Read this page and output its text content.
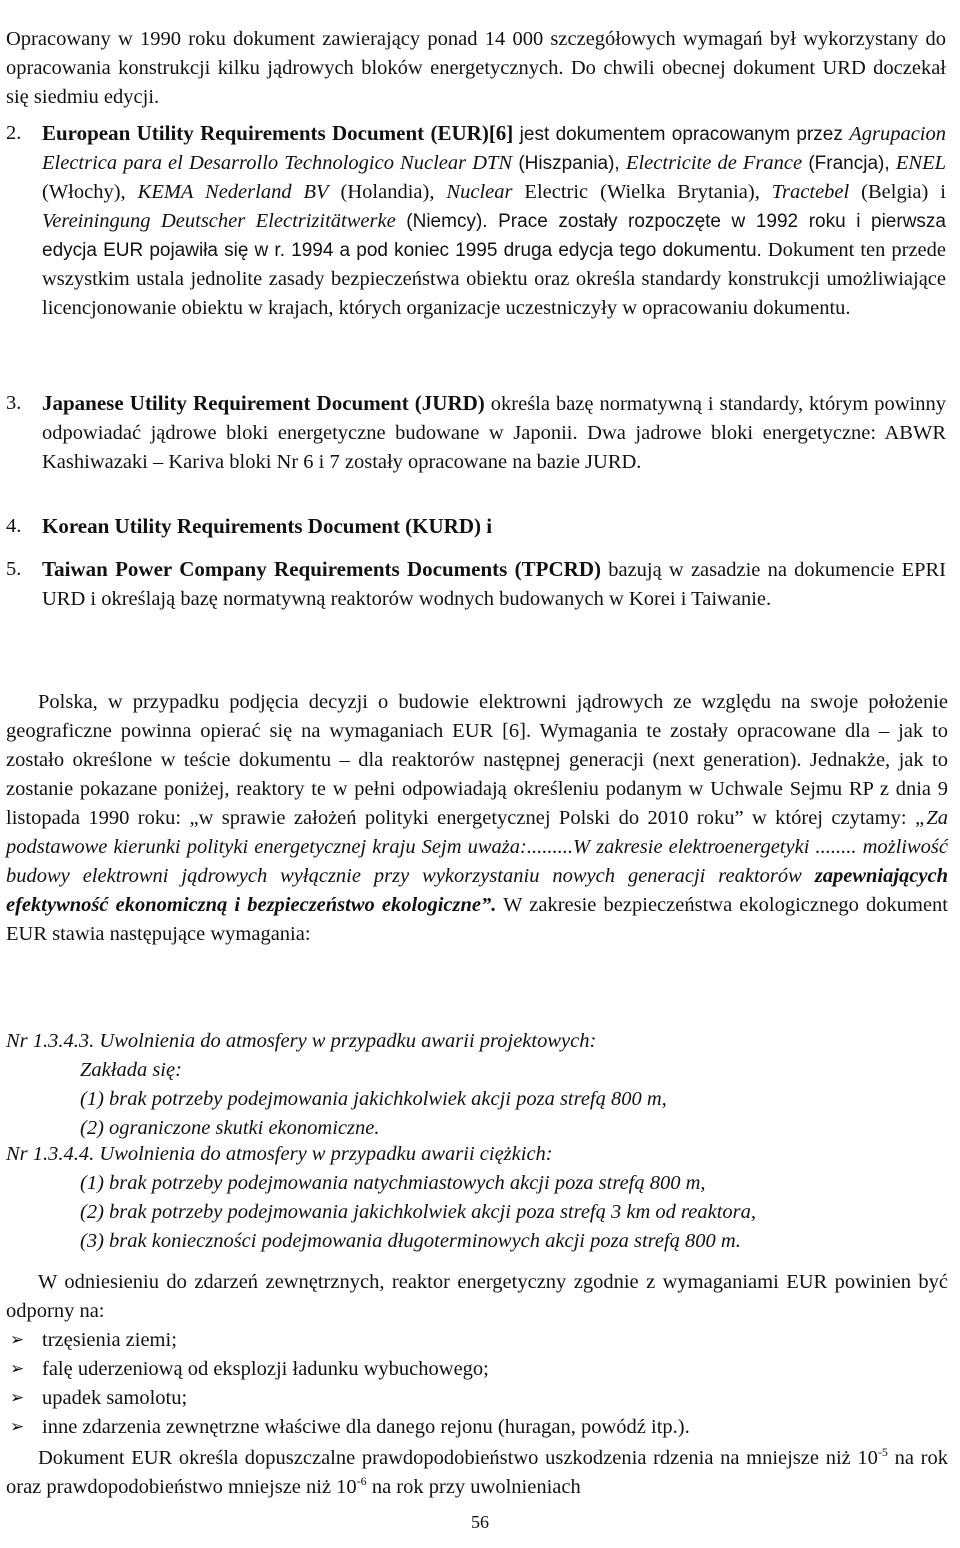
Opracowany w 1990 roku dokument zawierający ponad 14 000 szczegółowych wymagań był wykorzystany do opracowania konstrukcji kilku jądrowych bloków energetycznych. Do chwili obecnej dokument URD doczekał się siedmiu edycji.

2. European Utility Requirements Document (EUR)[6] jest dokumentem opracowanym przez Agrupacion Electrica para el Desarrollo Technologico Nuclear DTN (Hiszpania), Electricite de France (Francja), ENEL (Włochy), KEMA Nederland BV (Holandia), Nuclear Electric (Wielka Brytania), Tractebel (Belgia) i Vereiningung Deutscher Electrizitätwerke (Niemcy). Prace zostały rozpoczęte w 1992 roku i pierwsza edycja EUR pojawiła się w r. 1994 a pod koniec 1995 druga edycja tego dokumentu. Dokument ten przede wszystkim ustala jednolite zasady bezpieczeństwa obiektu oraz określa standardy konstrukcji umożliwiające licencjonowanie obiektu w krajach, których organizacje uczestniczyły w opracowaniu dokumentu.

3. Japanese Utility Requirement Document (JURD) określa bazę normatywną i standardy, którym powinny odpowiadać jądrowe bloki energetyczne budowane w Japonii. Dwa jadrowe bloki energetyczne: ABWR Kashiwazaki – Kariva bloki Nr 6 i 7 zostały opracowane na bazie JURD.

4. Korean Utility Requirements Document (KURD) i

5. Taiwan Power Company Requirements Documents (TPCRD) bazują w zasadzie na dokumencie EPRI URD i określają bazę normatywną reaktorów wodnych budowanych w Korei i Taiwanie.

Polska, w przypadku podjęcia decyzji o budowie elektrowni jądrowych ze względu na swoje położenie geograficzne powinna opierać się na wymaganiach EUR [6]. Wymagania te zostały opracowane dla – jak to zostało określone w teście dokumentu – dla reaktorów następnej generacji (next generation). Jednakże, jak to zostanie pokazane poniżej, reaktory te w pełni odpowiadają określeniu podanym w Uchwale Sejmu RP z dnia 9 listopada 1990 roku: „w sprawie założeń polityki energetycznej Polski do 2010 roku” w której czytamy: „Za podstawowe kierunki polityki energetycznej kraju Sejm uważa:.........W zakresie elektroenergetyki ........ możliwość budowy elektrowni jądrowych wyłącznie przy wykorzystaniu nowych generacji reaktorów zapewniających efektywność ekonomiczną i bezpieczeństwo ekologiczne”. W zakresie bezpieczeństwa ekologicznego dokument EUR stawia następujące wymagania:

Nr 1.3.4.3. Uwolnienia do atmosfery w przypadku awarii projektowych:
Zakłada się:
(1) brak potrzeby podejmowania jakichkolwiek akcji poza strefą 800 m,
(2) ograniczone skutki ekonomiczne.
Nr 1.3.4.4. Uwolnienia do atmosfery w przypadku awarii ciężkich:
(1) brak potrzeby podejmowania natychmiastowych akcji poza strefą 800 m,
(2) brak potrzeby podejmowania jakichkolwiek akcji poza strefą 3 km od reaktora,
(3) brak konieczności podejmowania długoterminowych akcji poza strefą 800 m.

W odniesieniu do zdarzeń zewnętrznych, reaktor energetyczny zgodnie z wymaganiami EUR powinien być odporny na:

➢ trzęsienia ziemi;
➢ falę uderzeniową od eksplozji ładunku wybuchowego;
➢ upadek samolotu;
➢ inne zdarzenia zewnętrzne właściwe dla danego rejonu (huragan, powódź itp.).

Dokument EUR określa dopuszczalne prawdopodobieństwo uszkodzenia rdzenia na mniejsze niż $10^{-5}$ na rok oraz prawdopodobieństwo mniejsze niż $10^{-6}$ na rok przy uwolnieniach

56
